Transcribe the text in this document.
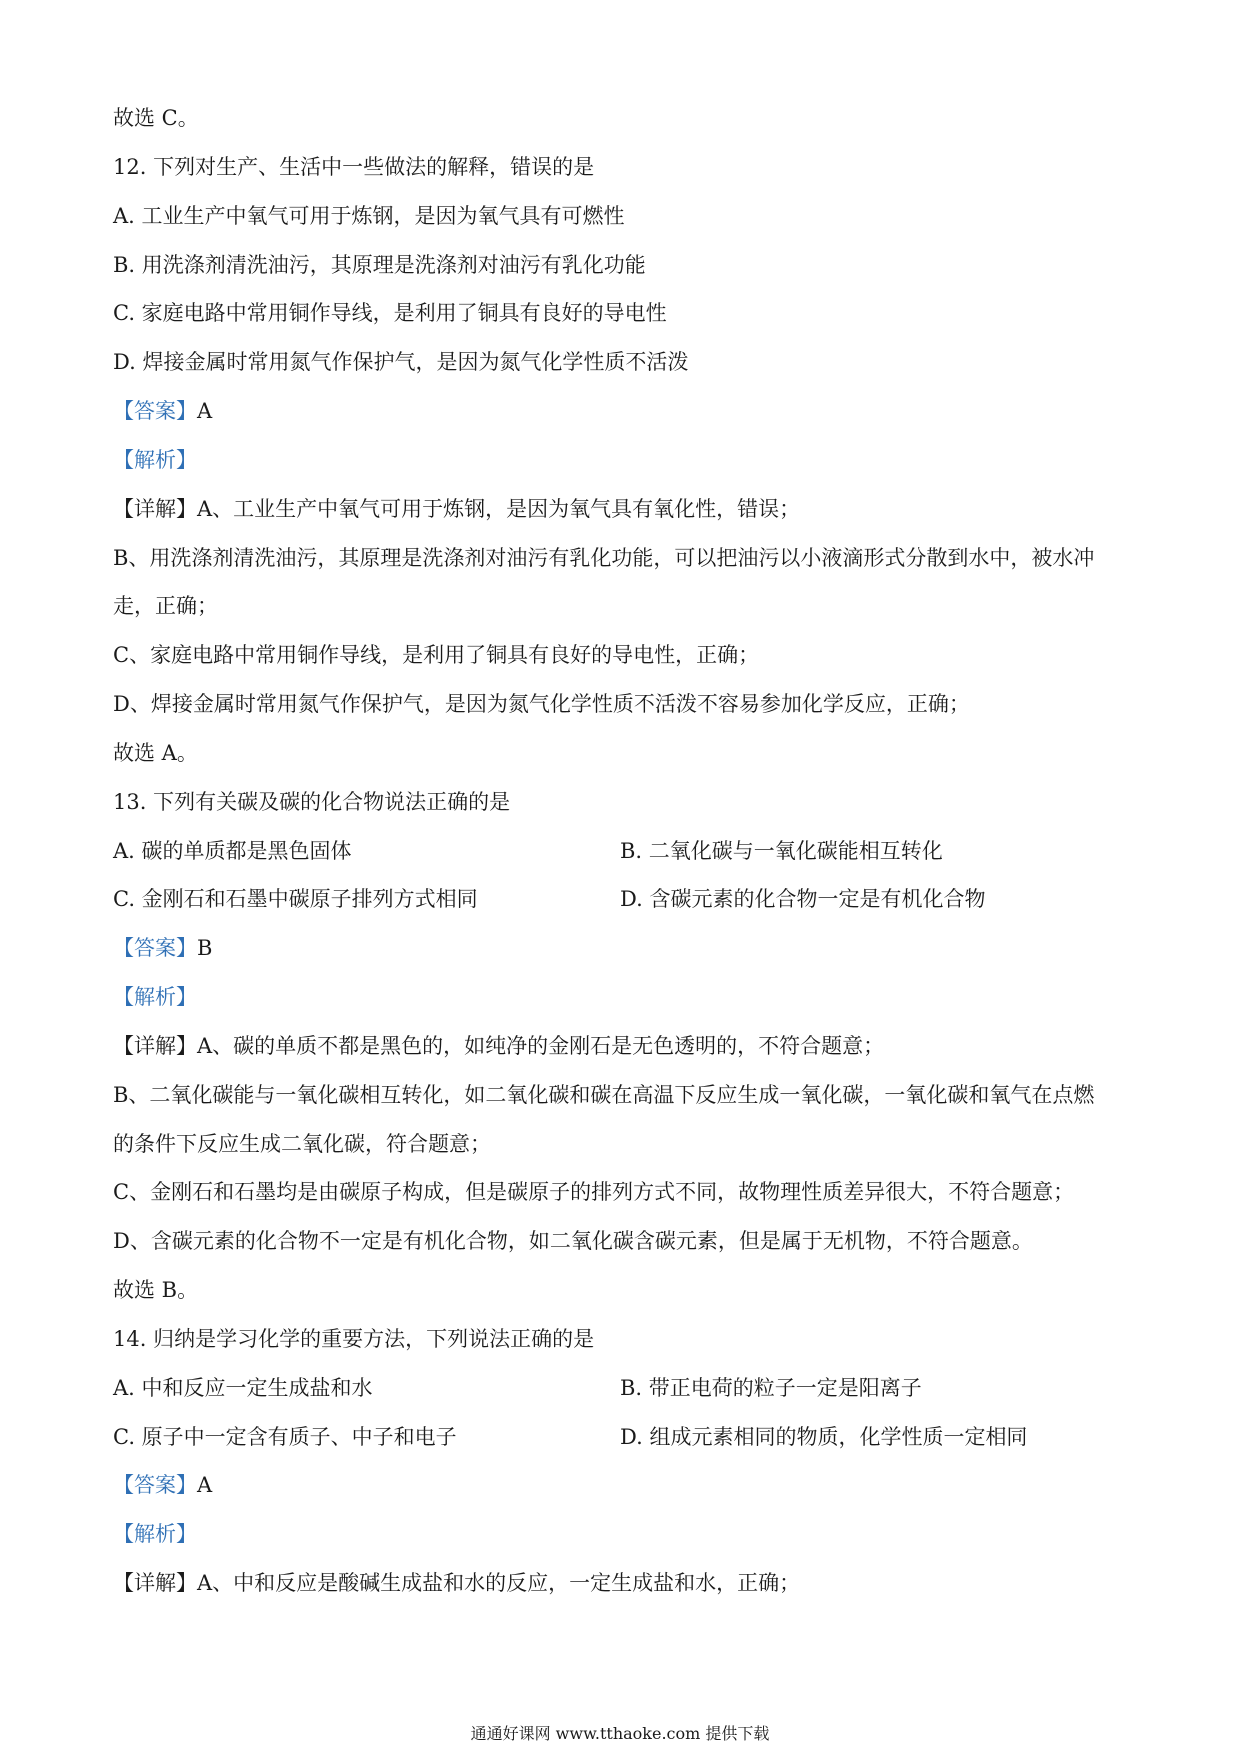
故选 C。
12. 下列对生产、生活中一些做法的解释，错误的是
A. 工业生产中氧气可用于炼钢，是因为氧气具有可燃性
B. 用洗涤剂清洗油污，其原理是洗涤剂对油污有乳化功能
C. 家庭电路中常用铜作导线，是利用了铜具有良好的导电性
D. 焊接金属时常用氮气作保护气，是因为氮气化学性质不活泼
【答案】A
【解析】
【详解】A、工业生产中氧气可用于炼钢，是因为氧气具有氧化性，错误；
B、用洗涤剂清洗油污，其原理是洗涤剂对油污有乳化功能，可以把油污以小液滴形式分散到水中，被水冲
走，正确；
C、家庭电路中常用铜作导线，是利用了铜具有良好的导电性，正确；
D、焊接金属时常用氮气作保护气，是因为氮气化学性质不活泼不容易参加化学反应，正确；
故选 A。
13. 下列有关碳及碳的化合物说法正确的是
A. 碳的单质都是黑色固体	B. 二氧化碳与一氧化碳能相互转化
C. 金刚石和石墨中碳原子排列方式相同	D. 含碳元素的化合物一定是有机化合物
【答案】B
【解析】
【详解】A、碳的单质不都是黑色的，如纯净的金刚石是无色透明的，不符合题意；
B、二氧化碳能与一氧化碳相互转化，如二氧化碳和碳在高温下反应生成一氧化碳，一氧化碳和氧气在点燃
的条件下反应生成二氧化碳，符合题意；
C、金刚石和石墨均是由碳原子构成，但是碳原子的排列方式不同，故物理性质差异很大，不符合题意；
D、含碳元素的化合物不一定是有机化合物，如二氧化碳含碳元素，但是属于无机物，不符合题意。
故选 B。
14. 归纳是学习化学的重要方法，下列说法正确的是
A. 中和反应一定生成盐和水	B. 带正电荷的粒子一定是阳离子
C. 原子中一定含有质子、中子和电子	D. 组成元素相同的物质，化学性质一定相同
【答案】A
【解析】
【详解】A、中和反应是酸碱生成盐和水的反应，一定生成盐和水，正确；
通通好课网 www.tthaoke.com 提供下载
